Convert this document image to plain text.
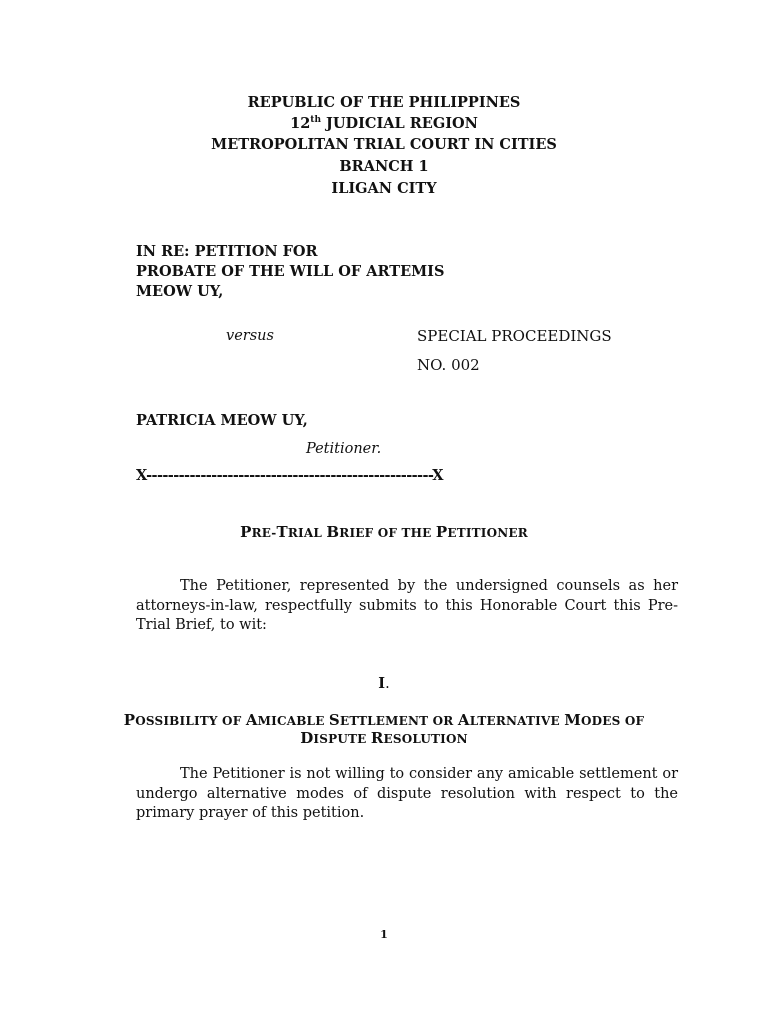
REPUBLIC OF THE PHILIPPINES
12th JUDICIAL REGION
METROPOLITAN TRIAL COURT IN CITIES
BRANCH 1
ILIGAN CITY
IN RE: PETITION FOR
PROBATE OF THE WILL OF ARTEMIS
MEOW UY,
versus	SPECIAL PROCEEDINGS
NO. 002
PATRICIA MEOW UY,
Petitioner.
X-----------------------------------------------------X
PRE-TRIAL BRIEF OF THE PETITIONER
The Petitioner, represented by the undersigned counsels as her attorneys-in-law, respectfully submits to this Honorable Court this Pre-Trial Brief, to wit:
I.
POSSIBILITY OF AMICABLE SETTLEMENT OR ALTERNATIVE MODES OF
DISPUTE RESOLUTION
The Petitioner is not willing to consider any amicable settlement or undergo alternative modes of dispute resolution with respect to the primary prayer of this petition.
1
